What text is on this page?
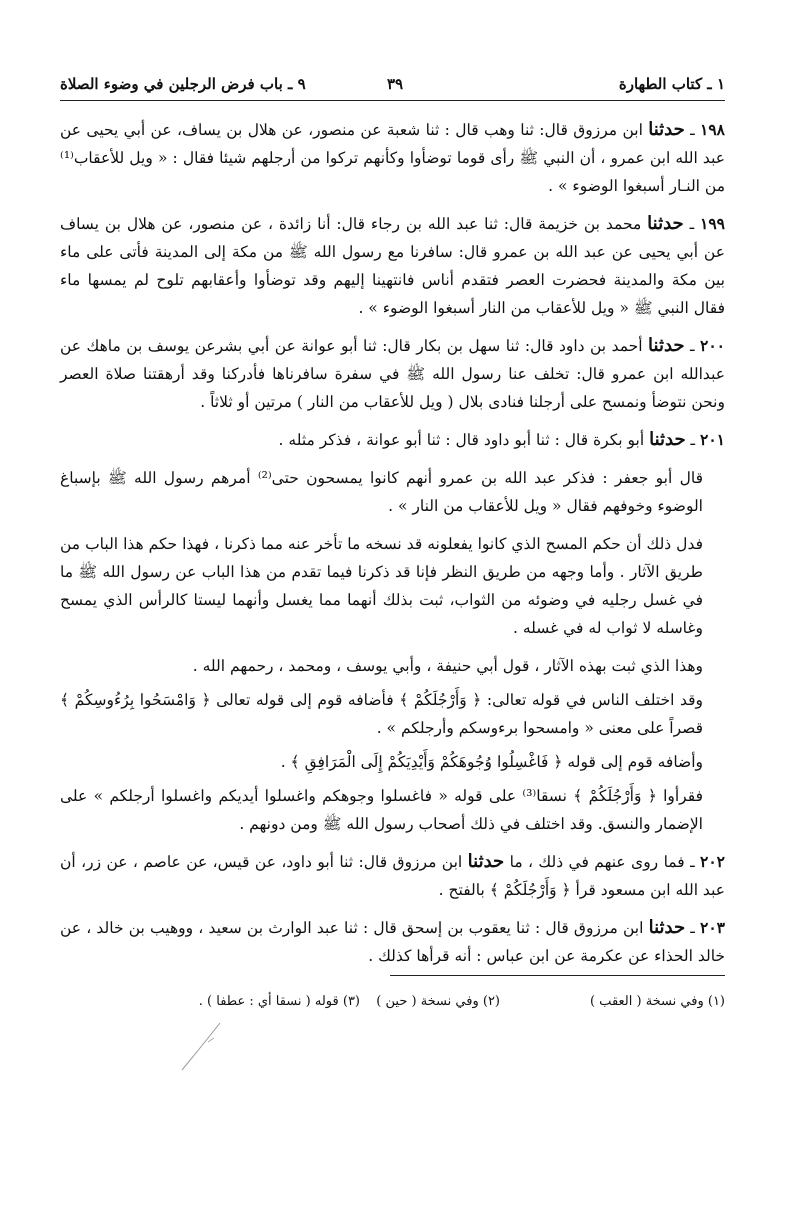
١ ـ كتاب الطهارة
٣٩
٩ ـ باب فرض الرجلين في وضوء الصلاة

١٩٨ ـ حدثنا ابن مرزوق قال: ثنا وهب قال : ثنا شعبة عن منصور، عن هلال بن يساف، عن أبي يحيى عن عبد الله ابن عمرو ، أن النبي ﷺ رأى قوما توضأوا وكأنهم تركوا من أرجلهم شيئا فقال : « ويل للأعقاب⁽¹⁾ من النـار أسبغوا الوضوء » .

١٩٩ ـ حدثنا محمد بن خزيمة قال: ثنا عبد الله بن رجاء قال: أنا زائدة ، عن منصور، عن هلال بن يساف عن أبي يحيى عن عبد الله بن عمرو قال: سافرنا مع رسول الله ﷺ من مكة إلى المدينة فأتى على ماء بين مكة والمدينة فحضرت العصر فتقدم أناس فانتهينا إليهم وقد توضأوا وأعقابهم تلوح لم يمسها ماء فقال النبي ﷺ « ويل للأعقاب من النار أسبغوا الوضوء » .

٢٠٠ ـ حدثنا أحمد بن داود قال: ثنا سهل بن بكار قال: ثنا أبو عوانة عن أبي بشرعن يوسف بن ماهك عن عبدالله ابن عمرو قال: تخلف عنا رسول الله ﷺ في سفرة سافرناها فأدركنا وقد أرهقتنا صلاة العصر ونحن نتوضأ ونمسح على أرجلنا فنادى بلال ( ويل للأعقاب من النار ) مرتين أو ثلاثاً .

٢٠١ ـ حدثنا أبو بكرة قال : ثنا أبو داود قال : ثنا أبو عوانة ، فذكر مثله .

قال أبو جعفر : فذكر عبد الله بن عمرو أنهم كانوا يمسحون حتى⁽²⁾ أمرهم رسول الله ﷺ بإسباغ الوضوء وخوفهم فقال « ويل للأعقاب من النار » .

فدل ذلك أن حكم المسح الذي كانوا يفعلونه قد نسخه ما تأخر عنه مما ذكرنا ، فهذا حكم هذا الباب من طريق الآثار . وأما وجهه من طريق النظر فإنا قد ذكرنا فيما تقدم من هذا الباب عن رسول الله ﷺ ما في غسل رجليه في وضوئه من الثواب، ثبت بذلك أنهما مما يغسل وأنهما ليستا كالرأس الذي يمسح وغاسله لا ثواب له في غسله .

وهذا الذي ثبت بهذه الآثار ، قول أبي حنيفة ، وأبي يوسف ، ومحمد ، رحمهم الله .

وقد اختلف الناس في قوله تعالى: ﴿ وَأَرْجُلَكُمْ ﴾ فأضافه قوم إلى قوله تعالى ﴿ وَامْسَحُوا بِرُءُوسِكُمْ ﴾ قصراً على معنى « وامسحوا برءوسكم وأرجلكم » .

وأضافه قوم إلى قوله ﴿ فَاغْسِلُوا وُجُوهَكُمْ وَأَيْدِيَكُمْ إِلَى الْمَرَافِقِ ﴾ .

فقرأوا ﴿ وَأَرْجُلَكُمْ ﴾ نسقا⁽³⁾ على قوله « فاغسلوا وجوهكم واغسلوا أيديكم واغسلوا أرجلكم » على الإضمار والنسق. وقد اختلف في ذلك أصحاب رسول الله ﷺ ومن دونهم .

٢٠٢ ـ فما روى عنهم في ذلك ، ما حدثنا ابن مرزوق قال: ثنا أبو داود، عن قيس، عن عاصم ، عن زر، أن عبد الله ابن مسعود قرأ ﴿ وَأَرْجُلَكُمْ ﴾ بالفتح .

٢٠٣ ـ حدثنا ابن مرزوق قال : ثنا يعقوب بن إسحق قال : ثنا عبد الوارث بن سعيد ، ووهيب بن خالد ، عن خالد الحذاء عن عكرمة عن ابن عباس : أنه قرأها كذلك .

(١) وفي نسخة ( العقب )
(٢) وفي نسخة ( حين )
(٣) قوله ( نسقا أي : عطفا ) .
